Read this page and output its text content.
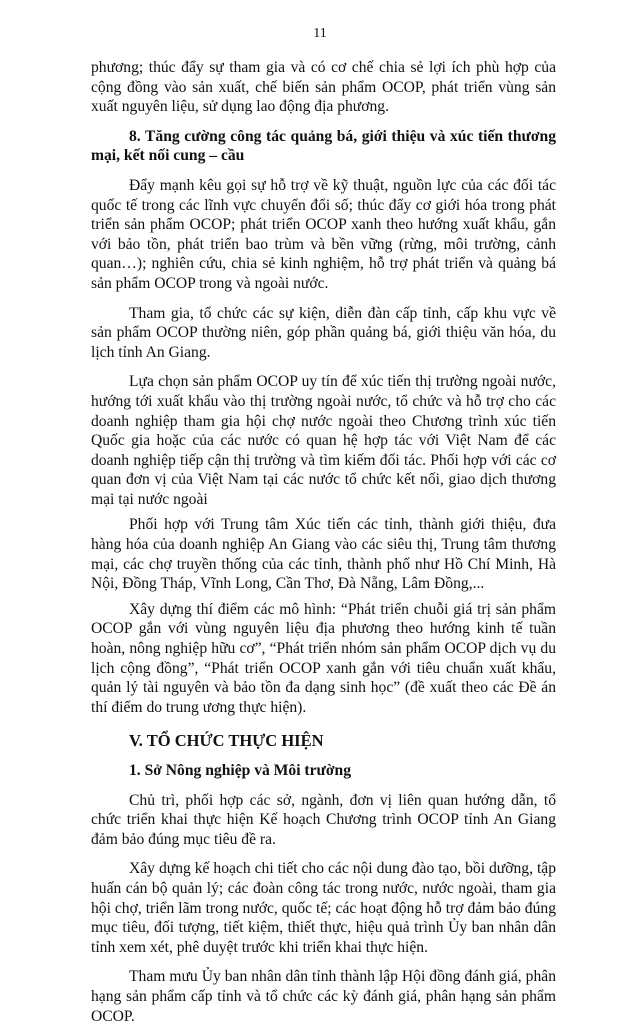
11

phương; thúc đẩy sự tham gia và có cơ chế chia sẻ lợi ích phù hợp của cộng đồng vào sản xuất, chế biến sản phẩm OCOP, phát triển vùng sản xuất nguyên liệu, sử dụng lao động địa phương.

8. Tăng cường công tác quảng bá, giới thiệu và xúc tiến thương mại, kết nối cung – cầu

Đẩy mạnh kêu gọi sự hỗ trợ về kỹ thuật, nguồn lực của các đối tác quốc tế trong các lĩnh vực chuyển đổi số; thúc đẩy cơ giới hóa trong phát triển sản phẩm OCOP; phát triển OCOP xanh theo hướng xuất khẩu, gắn với bảo tồn, phát triển bao trùm và bền vững (rừng, môi trường, cảnh quan…); nghiên cứu, chia sẻ kinh nghiệm, hỗ trợ phát triển và quảng bá sản phẩm OCOP trong và ngoài nước.

Tham gia, tổ chức các sự kiện, diễn đàn cấp tỉnh, cấp khu vực về sản phẩm OCOP thường niên, góp phần quảng bá, giới thiệu văn hóa, du lịch tỉnh An Giang.

Lựa chọn sản phẩm OCOP uy tín để xúc tiến thị trường ngoài nước, hướng tới xuất khẩu vào thị trường ngoài nước, tổ chức và hỗ trợ cho các doanh nghiệp tham gia hội chợ nước ngoài theo Chương trình xúc tiến Quốc gia hoặc của các nước có quan hệ hợp tác với Việt Nam để các doanh nghiệp tiếp cận thị trường và tìm kiếm đối tác. Phối hợp với các cơ quan đơn vị của Việt Nam tại các nước tổ chức kết nối, giao dịch thương mại tại nước ngoài

Phối hợp với Trung tâm Xúc tiến các tỉnh, thành giới thiệu, đưa hàng hóa của doanh nghiệp An Giang vào các siêu thị, Trung tâm thương mại, các chợ truyền thống của các tỉnh, thành phố như Hồ Chí Minh, Hà Nội, Đồng Tháp, Vĩnh Long, Cần Thơ, Đà Nẵng, Lâm Đồng,...

Xây dựng thí điểm các mô hình: “Phát triển chuỗi giá trị sản phẩm OCOP gắn với vùng nguyên liệu địa phương theo hướng kinh tế tuần hoàn, nông nghiệp hữu cơ”, “Phát triển nhóm sản phẩm OCOP dịch vụ du lịch cộng đồng”, “Phát triển OCOP xanh gắn với tiêu chuẩn xuất khẩu, quản lý tài nguyên và bảo tồn đa dạng sinh học” (đề xuất theo các Đề án thí điểm do trung ương thực hiện).

V. TỔ CHỨC THỰC HIỆN
1. Sở Nông nghiệp và Môi trường

Chủ trì, phối hợp các sở, ngành, đơn vị liên quan hướng dẫn, tổ chức triển khai thực hiện Kế hoạch Chương trình OCOP tỉnh An Giang đảm bảo đúng mục tiêu đề ra.

Xây dựng kế hoạch chi tiết cho các nội dung đào tạo, bồi dưỡng, tập huấn cán bộ quản lý; các đoàn công tác trong nước, nước ngoài, tham gia hội chợ, triển lãm trong nước, quốc tế; các hoạt động hỗ trợ đảm bảo đúng mục tiêu, đối tượng, tiết kiệm, thiết thực, hiệu quả trình Ủy ban nhân dân tỉnh xem xét, phê duyệt trước khi triển khai thực hiện.

Tham mưu Ủy ban nhân dân tỉnh thành lập Hội đồng đánh giá, phân hạng sản phẩm cấp tỉnh và tổ chức các kỳ đánh giá, phân hạng sản phẩm OCOP.
